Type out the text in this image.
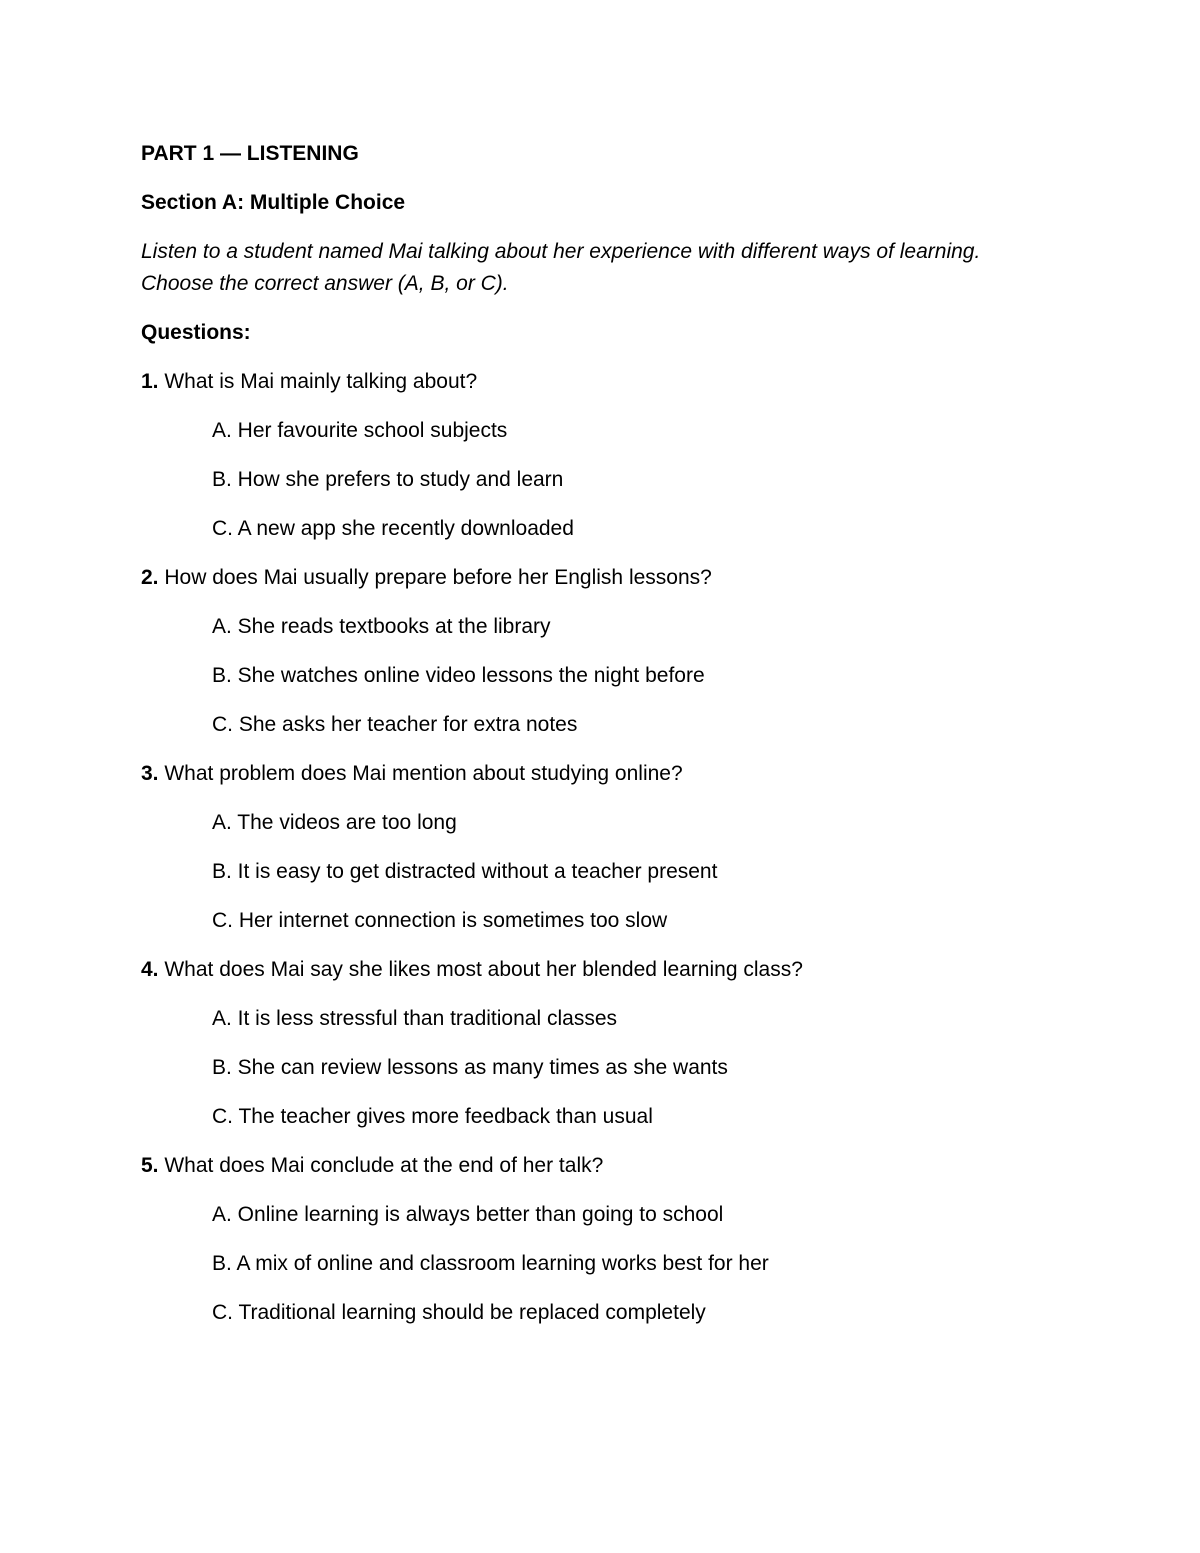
PART 1 — LISTENING
Section A: Multiple Choice
Listen to a student named Mai talking about her experience with different ways of learning.
Choose the correct answer (A, B, or C).
Questions:
1. What is Mai mainly talking about?
A. Her favourite school subjects
B. How she prefers to study and learn
C. A new app she recently downloaded
2. How does Mai usually prepare before her English lessons?
A. She reads textbooks at the library
B. She watches online video lessons the night before
C. She asks her teacher for extra notes
3. What problem does Mai mention about studying online?
A. The videos are too long
B. It is easy to get distracted without a teacher present
C. Her internet connection is sometimes too slow
4. What does Mai say she likes most about her blended learning class?
A. It is less stressful than traditional classes
B. She can review lessons as many times as she wants
C. The teacher gives more feedback than usual
5. What does Mai conclude at the end of her talk?
A. Online learning is always better than going to school
B. A mix of online and classroom learning works best for her
C. Traditional learning should be replaced completely
